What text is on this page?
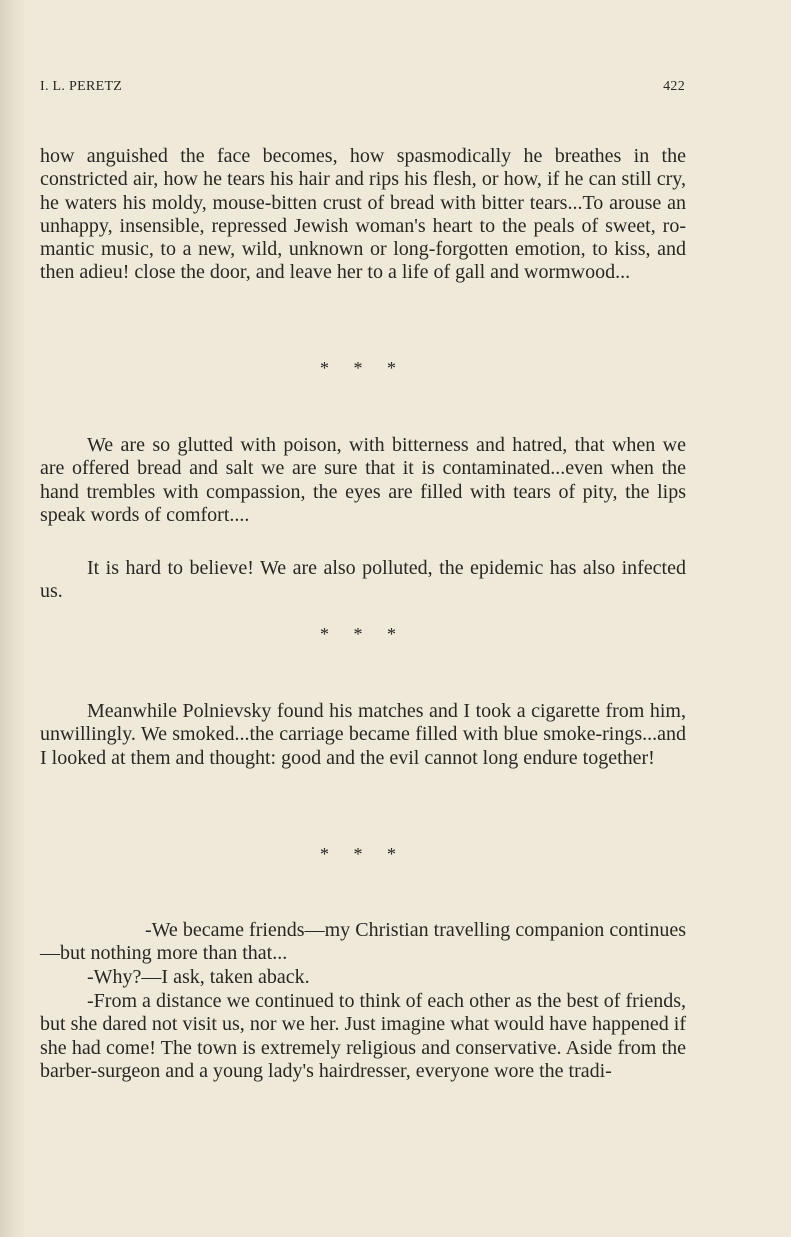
I. L. PERETZ	422

how anguished the face becomes, how spasmodically he breathes in the constricted air, how he tears his hair and rips his flesh, or how, if he can still cry, he waters his moldy, mouse-bitten crust of bread with bitter tears...To arouse an unhappy, insensible, repressed Jewish woman's heart to the peals of sweet, romantic music, to a new, wild, unknown or long-forgotten emotion, to kiss, and then adieu! close the door, and leave her to a life of gall and wormwood...

* * *

We are so glutted with poison, with bitterness and hatred, that when we are offered bread and salt we are sure that it is contaminated...even when the hand trembles with compassion, the eyes are filled with tears of pity, the lips speak words of comfort....

It is hard to believe! We are also polluted, the epidemic has also infected us.

* * *

Meanwhile Polnievsky found his matches and I took a cigarette from him, unwillingly. We smoked...the carriage became filled with blue smoke-rings...and I looked at them and thought: good and the evil cannot long endure together!

* * *

-We became friends—my Christian travelling companion continues—but nothing more than that...

-Why?—I ask, taken aback.

-From a distance we continued to think of each other as the best of friends, but she dared not visit us, nor we her. Just imagine what would have happened if she had come! The town is extremely religious and conservative. Aside from the barber-surgeon and a young lady's hairdresser, everyone wore the tradi-
